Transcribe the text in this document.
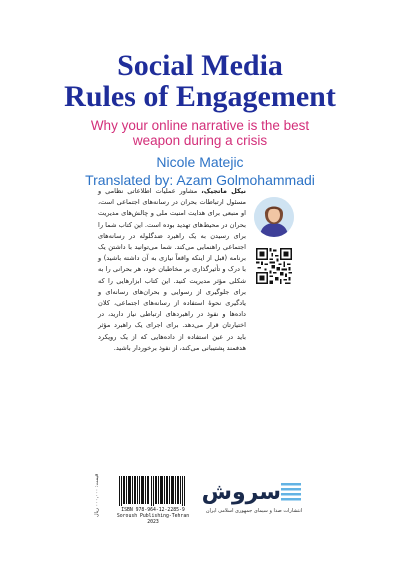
Social Media
Rules of Engagement

Why your online narrative is the best
weapon during a crisis

Nicole Matejic

Translated by: Azam Golmohammadi

نیکل ماتجیک، مشاور عملیات اطلاعاتی نظامی و مسئول ارتباطات بحران در رسانه‌های اجتماعی است، او منبعی برای هدایت امنیت ملی و چالش‌های مدیریت بحران در محیط‌های تهدید بوده است. این کتاب شما را برای رسیدن به یک راهبرد ضدگلوله در رسانه‌های اجتماعی راهنمایی می‌کند. شما می‌توانید با داشتن یک برنامه (قبل از اینکه واقعاً نیازی به آن داشته باشید) و با درک و تأثیرگذاری بر مخاطبان خود، هر بحرانی را به شکلی مؤثر مدیریت کنید. این کتاب ابزارهایی را که برای جلوگیری از رسوایی و بحران‌های رسانه‌ای و یادگیری نحوهٔ استفاده از رسانه‌های اجتماعی، کلان داده‌ها و نفوذ در راهبردهای ارتباطی نیاز دارید، در اختیارتان قرار می‌دهد. برای اجرای یک راهبرد مؤثر باید در عین استفاده از داده‌هایی که از یک رویکرد هدفمند پشتیبانی می‌کند، از نفوذ برخوردار باشید.

قیمت: ۰۰۰,۰۰۰ ریال
ISBN 978-964-12-2285-9
Soroush Publishing-Tehran 2023
سروش
انتشارات صدا و سیمای جمهوری اسلامی ایران
